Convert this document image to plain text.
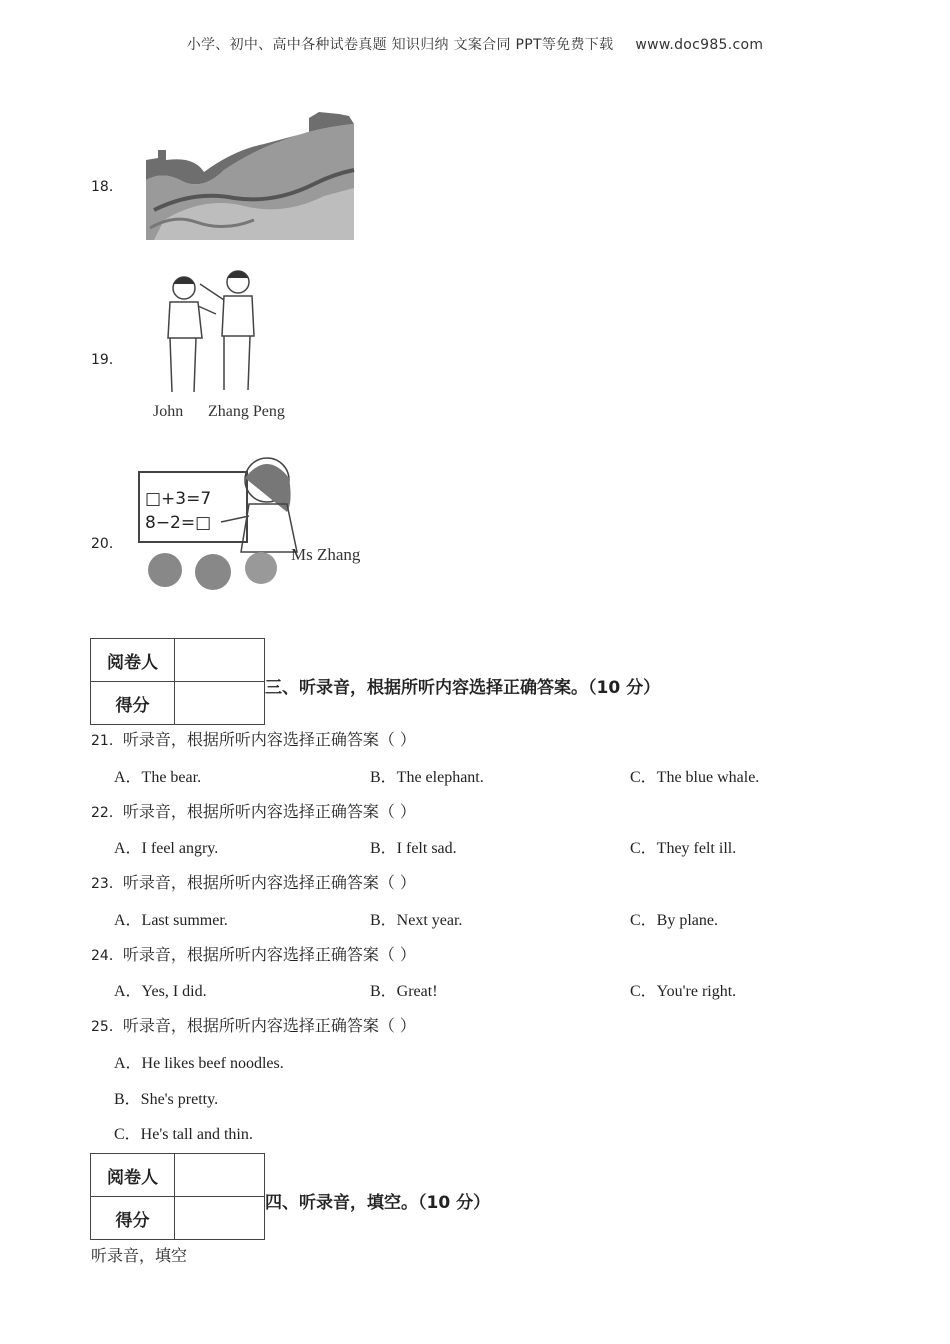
小学、初中、高中各种试卷真题 知识归纳 文案合同 PPT等免费下载 www.doc985.com
18．
19．
John Zhang Peng
20．
□+3=7
8−2=□
Ms Zhang
阅卷人	
得分	
三、听录音，根据所听内容选择正确答案。（10 分）
21．听录音，根据所听内容选择正确答案（ ）
A．The bear.	B．The elephant.	C．The blue whale.
22．听录音，根据所听内容选择正确答案（ ）
A．I feel angry.	B．I felt sad.	C．They felt ill.
23．听录音，根据所听内容选择正确答案（ ）
A．Last summer.	B．Next year.	C．By plane.
24．听录音，根据所听内容选择正确答案（ ）
A．Yes, I did.	B．Great!	C．You're right.
25．听录音，根据所听内容选择正确答案（ ）
A．He likes beef noodles.
B．She's pretty.
C．He's tall and thin.
阅卷人	
得分	
四、听录音，填空。（10 分）
听录音，填空
